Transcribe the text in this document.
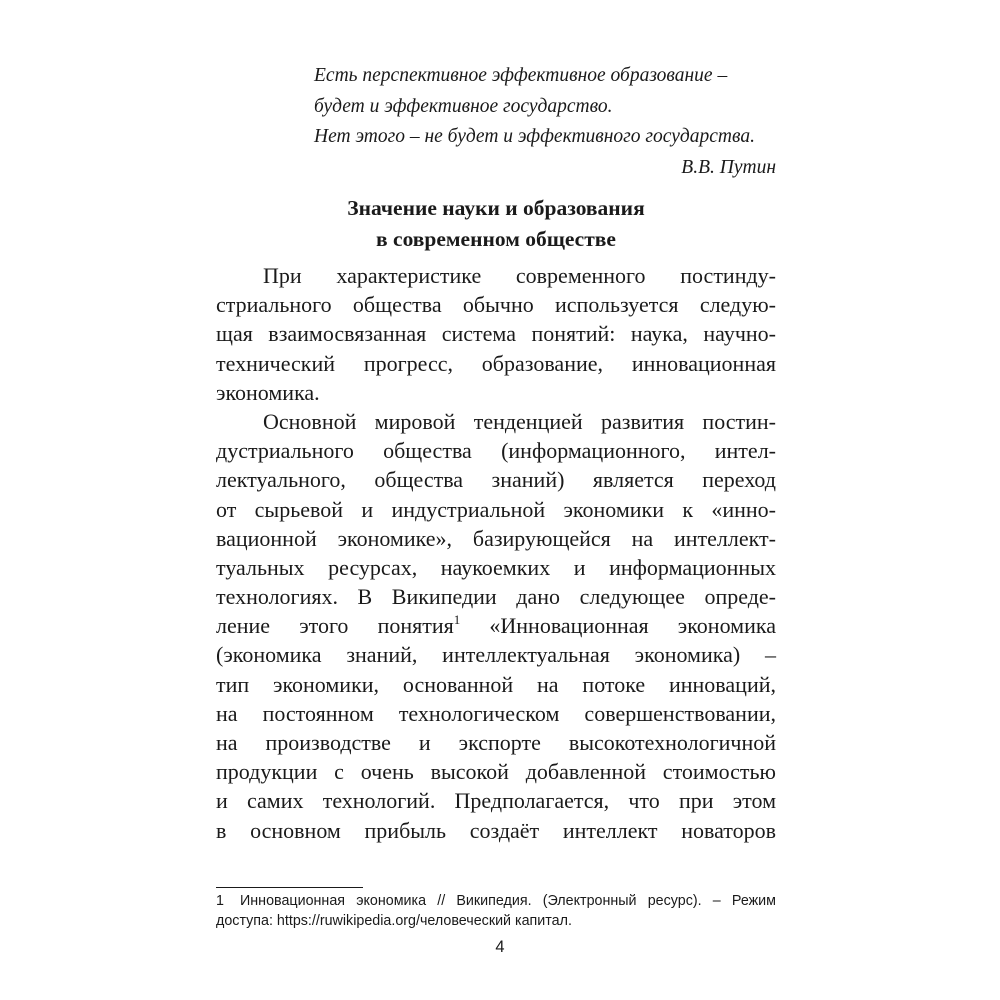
Есть перспективное эффективное образование –
будет и эффективное государство.
Нет этого – не будет и эффективного государства.
В.В. Путин
Значение науки и образования
в современном обществе
При характеристике современного постинду-
стриального общества обычно используется следую-
щая взаимосвязанная система понятий: наука, научно-
технический прогресс, образование, инновационная
экономика.
Основной мировой тенденцией развития постин-
дустриального общества (информационного, интел-
лектуального, общества знаний) является переход
от сырьевой и индустриальной экономики к «инно-
вационной экономике», базирующейся на интеллект-
туальных ресурсах, наукоемких и информационных
технологиях. В Википедии дано следующее опреде-
ление этого понятия$^1$ «Инновационная экономика
(экономика знаний, интеллектуальная экономика) –
тип экономики, основанной на потоке инноваций,
на постоянном технологическом совершенствовании,
на производстве и экспорте высокотехнологичной
продукции с очень высокой добавленной стоимостью
и самих технологий. Предполагается, что при этом
в основном прибыль создаёт интеллект новаторов
1 Инновационная экономика // Википедия. (Электронный ресурс). – Режим
доступа: https://ruwikipedia.org/человеческий капитал.
4
